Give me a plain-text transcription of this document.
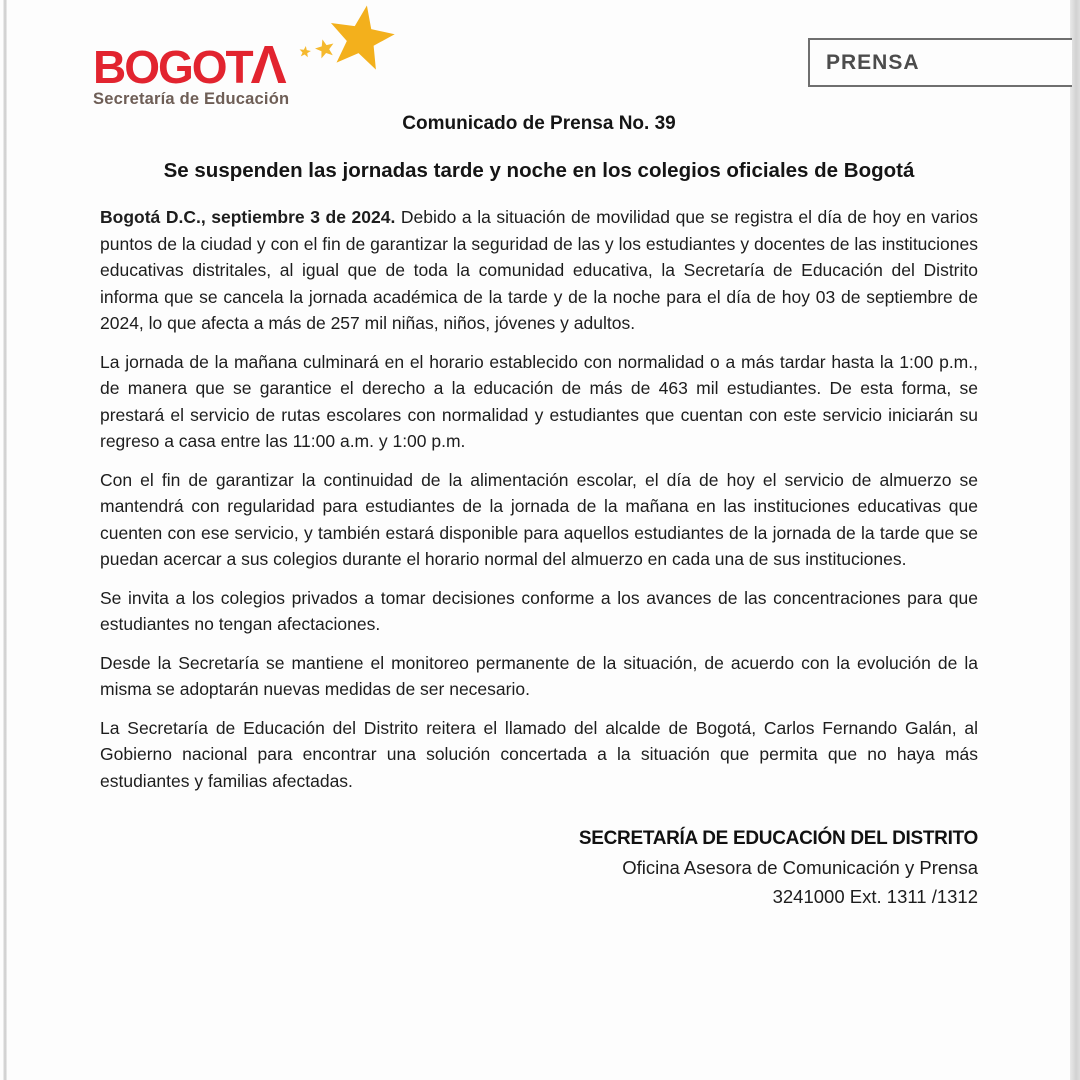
BOGOTΛ
Secretaría de Educación
PRENSA

Comunicado de Prensa No. 39

Se suspenden las jornadas tarde y noche en los colegios oficiales de Bogotá

Bogotá D.C., septiembre 3 de 2024. Debido a la situación de movilidad que se registra el día de hoy en varios puntos de la ciudad y con el fin de garantizar la seguridad de las y los estudiantes y docentes de las instituciones educativas distritales, al igual que de toda la comunidad educativa, la Secretaría de Educación del Distrito informa que se cancela la jornada académica de la tarde y de la noche para el día de hoy 03 de septiembre de 2024, lo que afecta a más de 257 mil niñas, niños, jóvenes y adultos.

La jornada de la mañana culminará en el horario establecido con normalidad o a más tardar hasta la 1:00 p.m., de manera que se garantice el derecho a la educación de más de 463 mil estudiantes. De esta forma, se prestará el servicio de rutas escolares con normalidad y estudiantes que cuentan con este servicio iniciarán su regreso a casa entre las 11:00 a.m. y 1:00 p.m.

Con el fin de garantizar la continuidad de la alimentación escolar, el día de hoy el servicio de almuerzo se mantendrá con regularidad para estudiantes de la jornada de la mañana en las instituciones educativas que cuenten con ese servicio, y también estará disponible para aquellos estudiantes de la jornada de la tarde que se puedan acercar a sus colegios durante el horario normal del almuerzo en cada una de sus instituciones.

Se invita a los colegios privados a tomar decisiones conforme a los avances de las concentraciones para que estudiantes no tengan afectaciones.

Desde la Secretaría se mantiene el monitoreo permanente de la situación, de acuerdo con la evolución de la misma se adoptarán nuevas medidas de ser necesario.

La Secretaría de Educación del Distrito reitera el llamado del alcalde de Bogotá, Carlos Fernando Galán, al Gobierno nacional para encontrar una solución concertada a la situación que permita que no haya más estudiantes y familias afectadas.

SECRETARÍA DE EDUCACIÓN DEL DISTRITO
Oficina Asesora de Comunicación y Prensa
3241000 Ext. 1311 /1312
